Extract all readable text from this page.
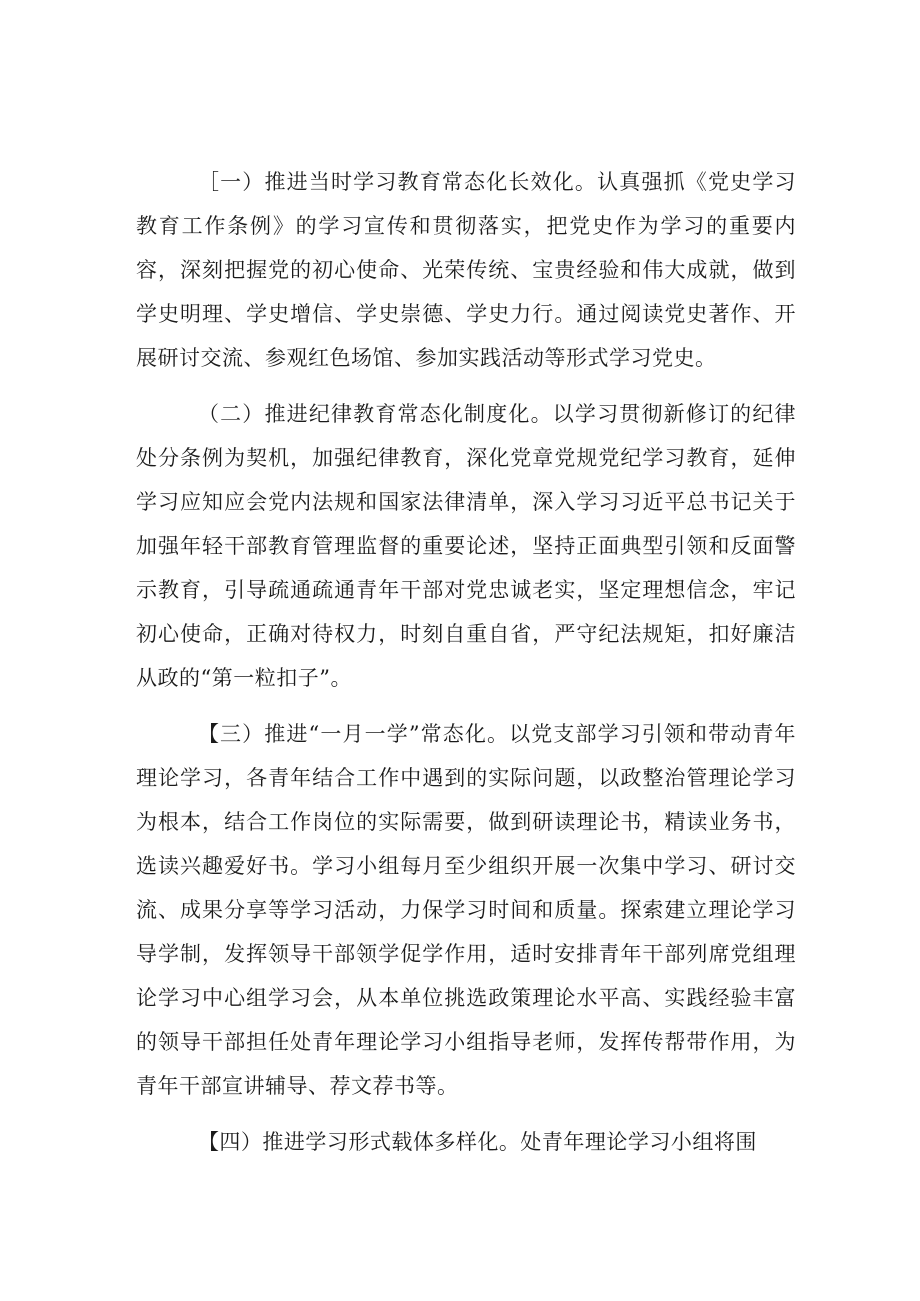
［一）推进当时学习教育常态化长效化。认真强抓《党史学习教育工作条例》的学习宣传和贯彻落实，把党史作为学习的重要内容，深刻把握党的初心使命、光荣传统、宝贵经验和伟大成就，做到学史明理、学史增信、学史崇德、学史力行。通过阅读党史著作、开展研讨交流、参观红色场馆、参加实践活动等形式学习党史。

（二）推进纪律教育常态化制度化。以学习贯彻新修订的纪律处分条例为契机，加强纪律教育，深化党章党规党纪学习教育，延伸学习应知应会党内法规和国家法律清单，深入学习习近平总书记关于加强年轻干部教育管理监督的重要论述，坚持正面典型引领和反面警示教育，引导疏通疏通青年干部对党忠诚老实，坚定理想信念，牢记初心使命，正确对待权力，时刻自重自省，严守纪法规矩，扣好廉洁从政的“第一粒扣子”。

【三）推进“一月一学”常态化。以党支部学习引领和带动青年理论学习，各青年结合工作中遇到的实际问题，以政整治管理论学习为根本，结合工作岗位的实际需要，做到研读理论书，精读业务书，选读兴趣爱好书。学习小组每月至少组织开展一次集中学习、研讨交流、成果分享等学习活动，力保学习时间和质量。探索建立理论学习导学制，发挥领导干部领学促学作用，适时安排青年干部列席党组理论学习中心组学习会，从本单位挑选政策理论水平高、实践经验丰富的领导干部担任处青年理论学习小组指导老师，发挥传帮带作用，为青年干部宣讲辅导、荐文荐书等。

【四）推进学习形式载体多样化。处青年理论学习小组将围
